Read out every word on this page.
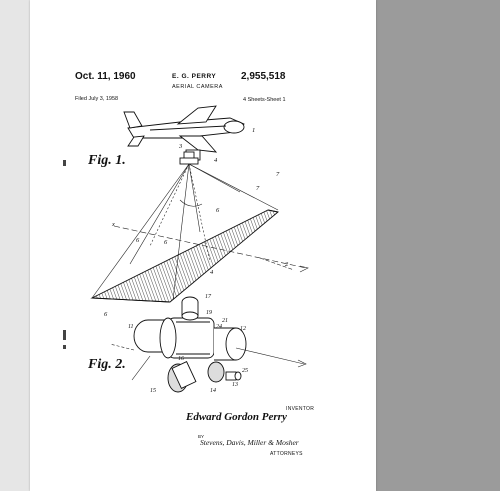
Oct. 11, 1960	E. G. PERRY 2,955,518
AERIAL CAMERA
Filed July 3, 1958	4 Sheets-Sheet 1
Fig. 1.
Fig. 2.
1
3
4
x
6	6
7
7
6
4
2
6
17
11
21
24	12
19
16
15	14
13
25
INVENTOR
Edward Gordon Perry
BY
Stevens, Davis, Miller & Mosher
ATTORNEYS
